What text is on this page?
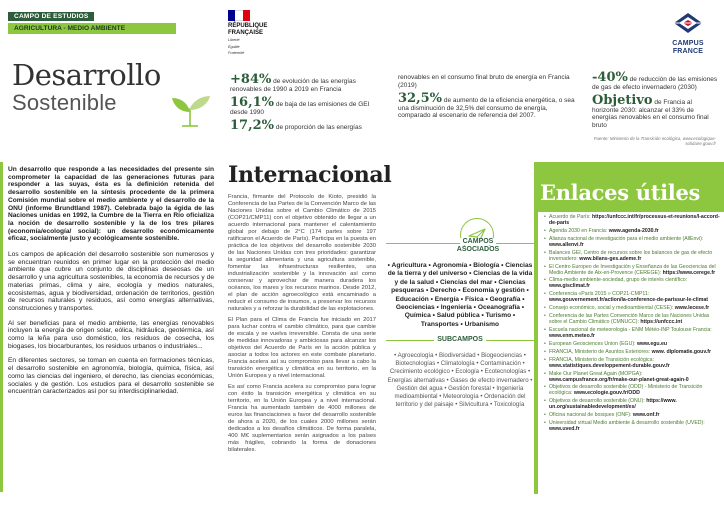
CAMPO DE ESTUDIOS
AGRICULTURA - MEDIO AMBIENTE
Desarrollo
Sostenible
RÉPUBLIQUE
FRANÇAISE
Liberté
Égalité
Fraternité
CAMPUS
FRANCE
+84% de evolución de las energías renovables de 1990 a 2019 en Francia
16,1% de baja de las emisiones de GEI desde 1990
17,2% de proporción de las energías
renovables en el consumo final bruto de energía en Francia (2019)
32,5% de aumento de la eficiencia energética, o sea una disminución de 32,5% del consumo de energía, comparado al escenario de referencia del 2007.
-40% de reducción de las emisiones de gas de efecto invernadero (2030)
Objetivo de Francia al horizonte 2030: alcanzar el 33% de energías renovables en el consumo final bruto
Fuente: Ministerio de la Transición ecológica, www.ecologique-solidaire.gouv.fr

Un desarrollo que responde a las necesidades del presente sin comprometer la capacidad de las generaciones futuras para responder a las suyas, ésta es la definición retenida del desarrollo sostenible en la síntesis procedente de la primera Comisión mundial sobre el medio ambiente y el desarrollo de la ONU (informe Brundtland 1987). Celebrada bajo la égida de las Naciones unidas en 1992, la Cumbre de la Tierra en Río oficializa la noción de desarrollo sostenible y la de los tres pilares (economía/ecología/ social): un desarrollo económicamente eficaz, socialmente justo y ecológicamente sostenible.

Los campos de aplicación del desarrollo sostenible son numerosos y se encuentran reunidos en primer lugar en la protección del medio ambiente que cubre un conjunto de disciplinas deseosas de un desarrollo y una agricultura sostenibles, la economía de recursos y de materias primas, clima y aire, ecología y medios naturales, ecosistemas, agua y biodiversidad, ordenación de territorios, gestión de recursos naturales y residuos, así como energías alternativas, construcciones y transportes.

Al ser beneficias para el medio ambiente, las energías renovables incluyen la energía de origen solar, eólica, hidráulica, geotérmica, así como la leña para uso doméstico, los residuos de cosecha, los biogases, los biocarburantes, los residuos urbanos o industriales...

En diferentes sectores, se toman en cuenta en formaciones técnicas, el desarrollo sostenible en agronomía, biología, química, física, así como las ciencias del ingeniero, el derecho, las ciencias económicas, sociales y de gestión. Los estudios para el desarrollo sostenible se encuentran caracterizados así por su interdisciplinariedad.

Internacional

Francia, firmante del Protocolo de Kioto, presidió la Conferencia de las Partes de la Convención Marco de las Naciones Unidas sobre el Cambio Climático de 2015 (COP21/CMP11) con el objetivo obtenido de llegar a un acuerdo internacional para mantener el calentamiento global por debajo de 2°C (174 partes sobre 197 ratificaron el Acuerdo de París). Participa en la puesta en práctica de los objetivos del desarrollo sostenible 2030 de las Naciones Unidas con tres prioridades: garantizar la seguridad alimentaria y una agricultura sostenible, fomentar las infraestructuras resilientes, una industrialización sostenible y la innovación así como conservar y aprovechar de manera duradera los océanos, los mares y los recursos marinos. Desde 2012, el plan de acción agroecológico está encaminado a reducir el consumo de insumos, a preservar los recursos naturales y a reforzar la durabilidad de las explotaciones.

El Plan para el Clima de Francia fue iniciado en 2017 para luchar contra el cambio climático, para que cambie de escala y se vuelva irreversible. Consta de una serie de medidas innovadoras y ambiciosas para alcanzar los objetivos del Acuerdo de París en la acción pública y asociar a todos los actores en este combate planetario. Francia acelera así su compromiso para llevar a cabo la transición energética y climática en su territorio, en la Unión Europea y a nivel internacional.

Es así como Francia acelera su compromiso para lograr con éxito la transición energética y climática en su territorio, en la Unión Europea y a nivel internacional. Francia ha aumentado también de 4000 millones de euros las financiaciones a favor del desarrollo sostenible de ahora a 2020, de los cuales 2000 millones serán dedicados a los desafíos climáticos. De forma paralela, 400 M€ suplementarios serán asignados a los países más frágiles, cobrando la forma de donaciones bilaterales.

CAMPOS
ASOCIADOS
• Agricultura • Agronomía • Biología • Ciencias de la tierra y del universo • Ciencias de la vida y de la salud • Ciencias del mar • Ciencias pesqueras • Derecho • Economía y gestión • Educación • Energía • Física • Geografía • Geociencias • Ingeniería • Oceanografía • Química • Salud pública • Turismo • Transportes • Urbanismo
SUBCAMPOS
• Agroecología • Biodiversidad • Biogeociencias • Biotecnologías • Climatología • Contaminación • Crecimiento ecológico • Ecología • Ecotecnologías • Energías alternativas • Gases de efecto invernadero • Gestión del agua • Gestión forestal • Ingeniería medioambiental • Meteorología • Ordenación del territorio y del paisaje • Silvicultura • Toxicología
Enlaces útiles
• Acuerdo de París: https://unfccc.int/fr/processus-et-reunions/l-accord-de-paris
• Agenda 2030 en Francia: www.agenda-2030.fr
• Alianza nacional de investigación para el medio ambiente (AllEnvi): www.allenvi.fr
• Balances GEI, Centro de recursos sobre los balances de gas de efecto invernadero: www.bilans-ges.ademe.fr
• El Centro Europeo de Investigación y Enseñanza de las Geociencias del Medio Ambiente de Aix-en-Provence (CEREGE): https://www.cerege.fr
• Clima-medio ambiente-sociedad, grupo de interés científico: www.gisclimat.fr
• Conferencia «París 2015 » COP21-CMP11: www.gouvernement.fr/action/la-conference-de-parissur-le-climat
• Consejo económico, social y medioambiental (CESE): www.lecese.fr
• Conferencia de las Partes Convención Marco de las Naciones Unidas sobre el Cambio Climático (CMNUCC): https://unfccc.int
• Escuela nacional de meteorología - ENM Météo-INP Toulouse Francia: www.enm.meteo.fr
• European Geosciences Union (EGU): www.egu.eu
• FRANCIA, Ministerio de Asuntos Exteriores: www. diplomatie.gouv.fr
• FRANCIA, Ministerio de Transición ecológica: www.statistiques.developpement-durable.gouv.fr
• Make Our Planet Great Again (MOPGA): www.campusfrance.org/fr/make-our-planet-great-again-0
• Objetivos de desarrollo sostenible (ODD) - Ministerio de Transición ecológica: www.ecologie.gouv.fr/ODD
• Objetivos de desarrollo sostenible (ONU): https://www. un.org/sustainabledevelopment/es/
• Oficina nacional de bosques (ONF): www.onf.fr
• Universidad virtual Medio ambiente & desarrollo sostenible (UVED): www.uved.fr
